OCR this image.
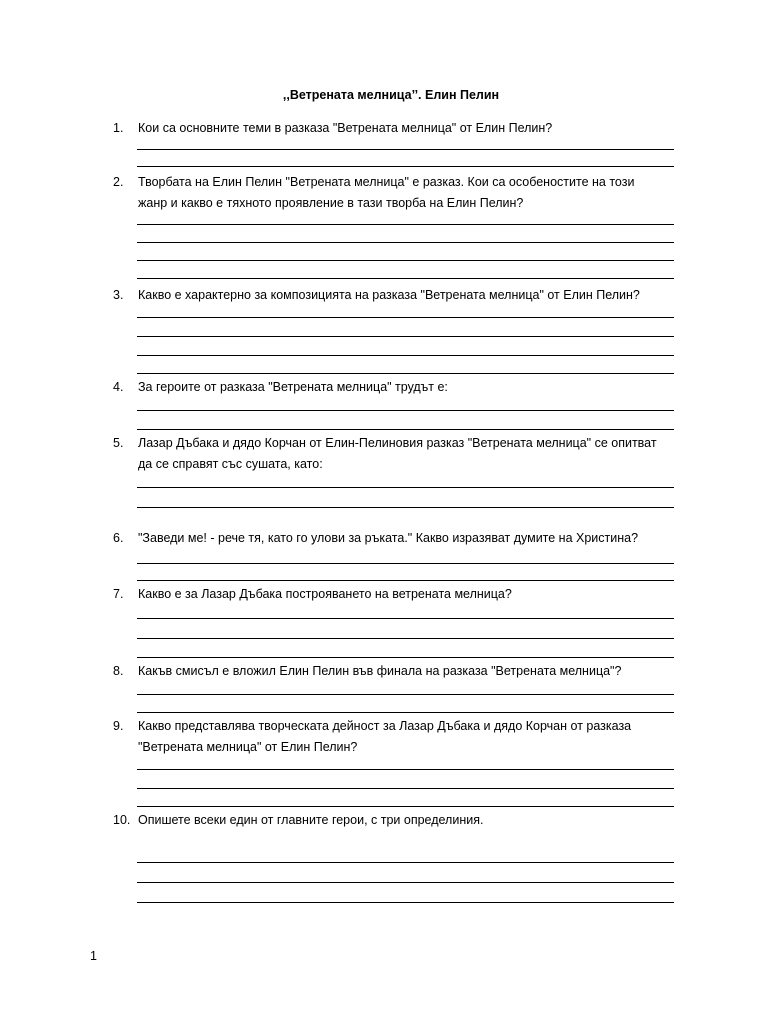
,,Ветрената мелница’’. Елин Пелин
1.	Кои са основните теми в разказа "Ветрената мелница" от Елин Пелин?
2.	Творбата на Елин Пелин "Ветрената мелница" е разказ. Кои са особеностите на този
жанр и какво е тяхното проявление в тази творба на Елин Пелин?
3.	Какво е характерно за композицията на разказа "Ветрената мелница" от Елин Пелин?
4.	За героите от разказа "Ветрената мелница" трудът е:
5.	Лазар Дъбака и дядо Корчан от Елин-Пелиновия разказ "Ветрената мелница" се опитват
да се справят със сушата, като:
6.	"Заведи ме! - рече тя, като го улови за ръката." Какво изразяват думите на Христина?
7.	Какво е за Лазар Дъбака построяването на ветрената мелница?
8.	Какъв смисъл е вложил Елин Пелин във финала на разказа "Ветрената мелница"?
9.	Какво представлява творческата дейност за Лазар Дъбака и дядо Корчан от разказа
"Ветрената мелница" от Елин Пелин?
10. Опишете всеки един от главните герои, с три определиния.
1
